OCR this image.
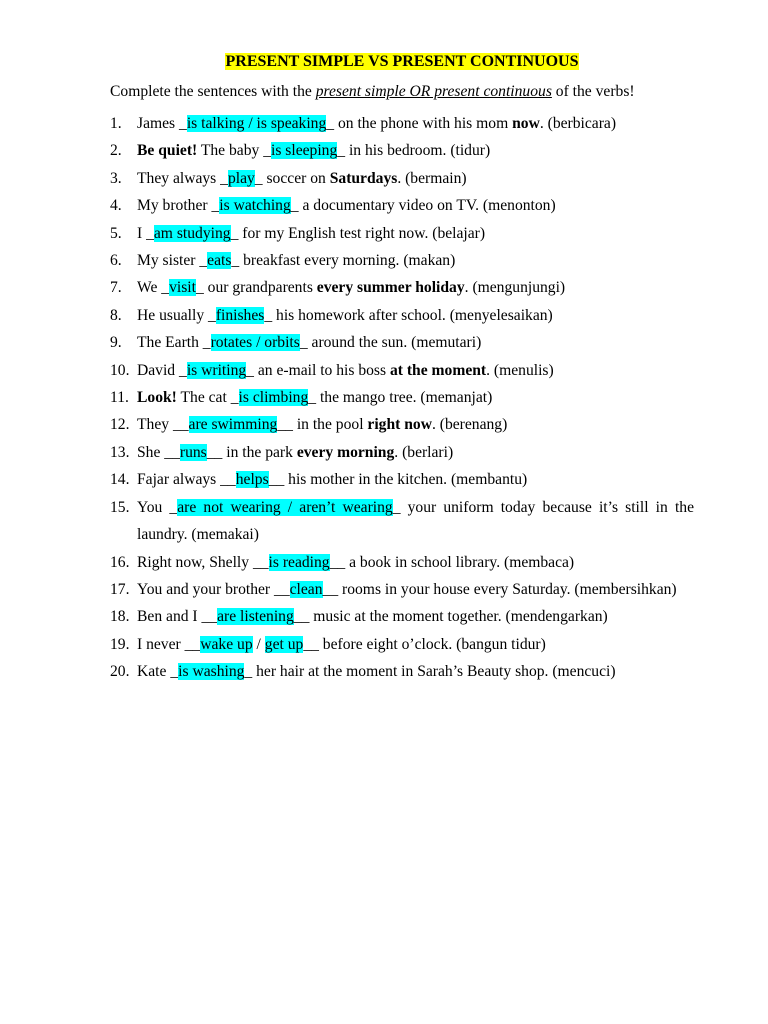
PRESENT SIMPLE VS PRESENT CONTINUOUS
Complete the sentences with the present simple OR present continuous of the verbs!
1. James _is talking / is speaking_ on the phone with his mom now. (berbicara)
2. Be quiet! The baby _is sleeping_ in his bedroom. (tidur)
3. They always _play_ soccer on Saturdays. (bermain)
4. My brother _is watching_ a documentary video on TV. (menonton)
5. I _am studying_ for my English test right now. (belajar)
6. My sister _eats_ breakfast every morning. (makan)
7. We _visit_ our grandparents every summer holiday. (mengunjungi)
8. He usually _finishes_ his homework after school. (menyelesaikan)
9. The Earth _rotates / orbits_ around the sun. (memutari)
10. David _is writing_ an e-mail to his boss at the moment. (menulis)
11. Look! The cat _is climbing_ the mango tree. (memanjat)
12. They __are swimming__ in the pool right now. (berenang)
13. She __runs__ in the park every morning. (berlari)
14. Fajar always __helps__ his mother in the kitchen. (membantu)
15. You _are not wearing / aren’t wearing_ your uniform today because it’s still in the laundry. (memakai)
16. Right now, Shelly __is reading__ a book in school library. (membaca)
17. You and your brother __clean__ rooms in your house every Saturday. (membersihkan)
18. Ben and I __are listening__ music at the moment together. (mendengarkan)
19. I never __wake up / get up__ before eight o’clock. (bangun tidur)
20. Kate _is washing_ her hair at the moment in Sarah’s Beauty shop. (mencuci)
